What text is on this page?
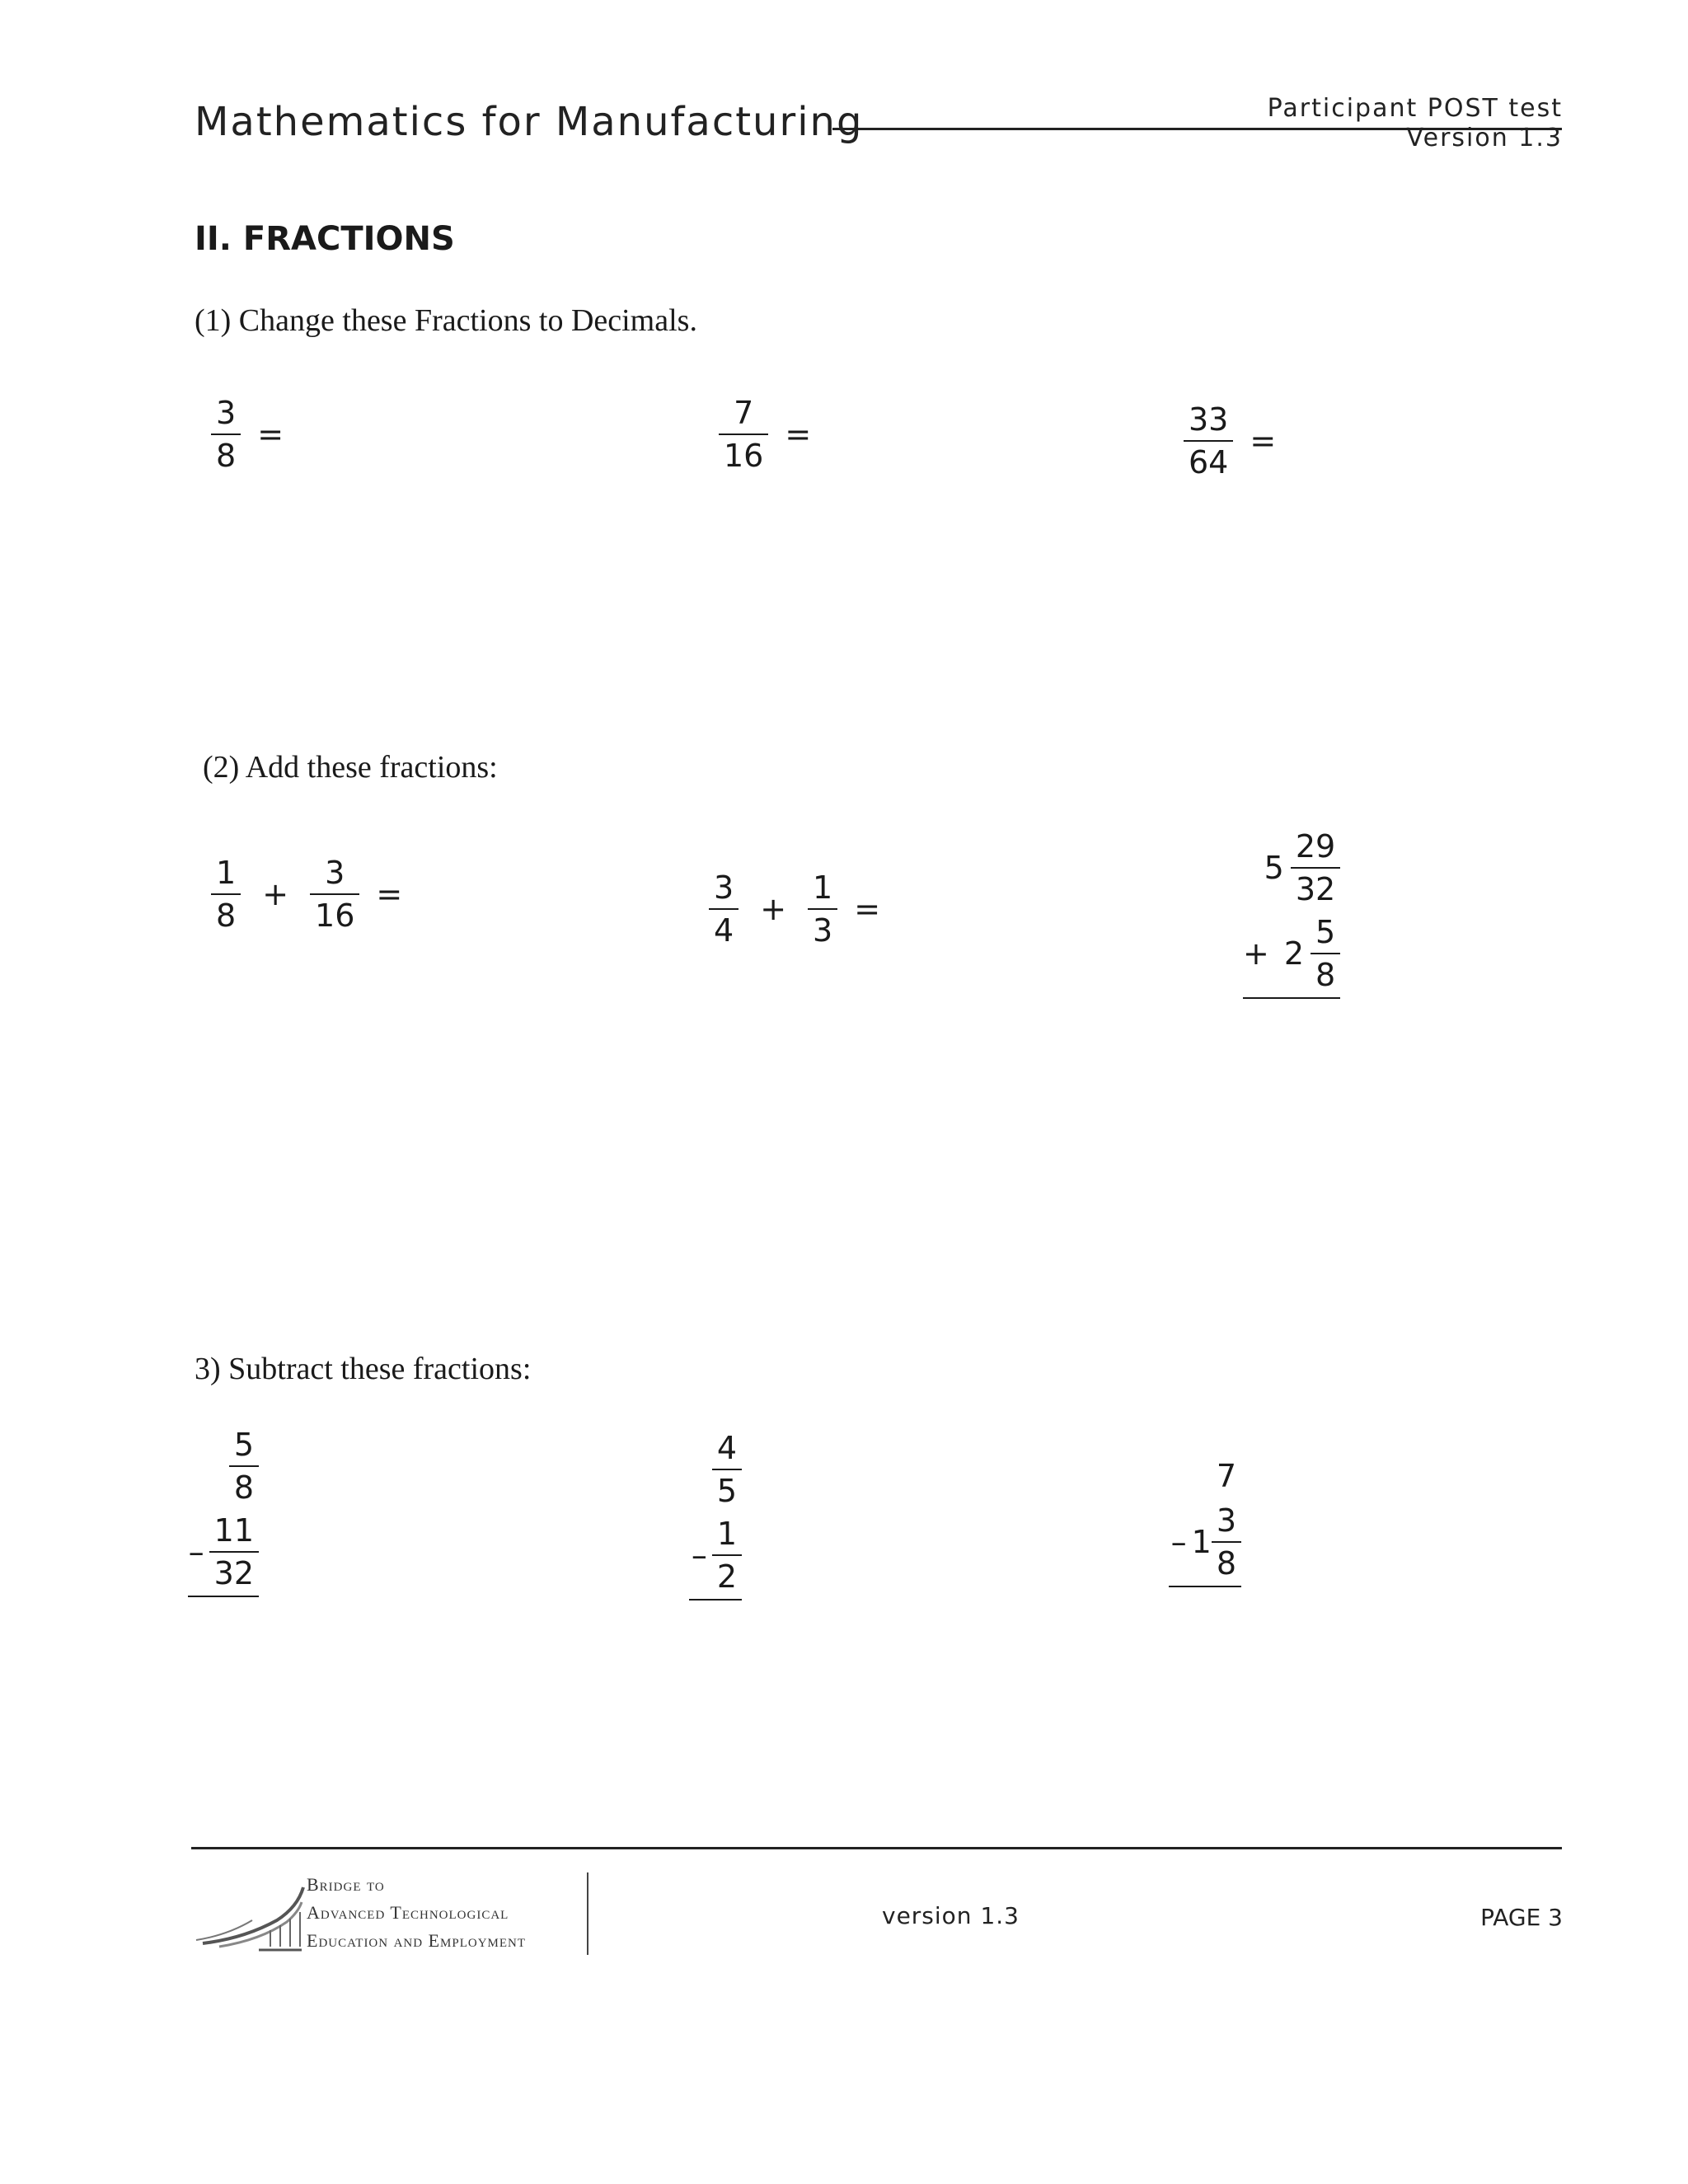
Mathematics for Manufacturing	Participant POST test
Version 1.3
II. FRACTIONS
(1) Change these Fractions to Decimals.
$\frac{3}{8}$ =	$\frac{7}{16}$ =	$\frac{33}{64}$ =
(2) Add these fractions:
$\frac{1}{8} + \frac{3}{16}$ =	$\frac{3}{4} + \frac{1}{3}$ =
$5 \frac{29}{32}$
+ $2 \frac{5}{8}$
3) Subtract these fractions:
$\frac{5}{8}$
– $\frac{11}{32}$
$\frac{4}{5}$
– $\frac{1}{2}$
7
– $1 \frac{3}{8}$
Bridge to
Advanced Technological
Education and Employment
version 1.3	PAGE 3
